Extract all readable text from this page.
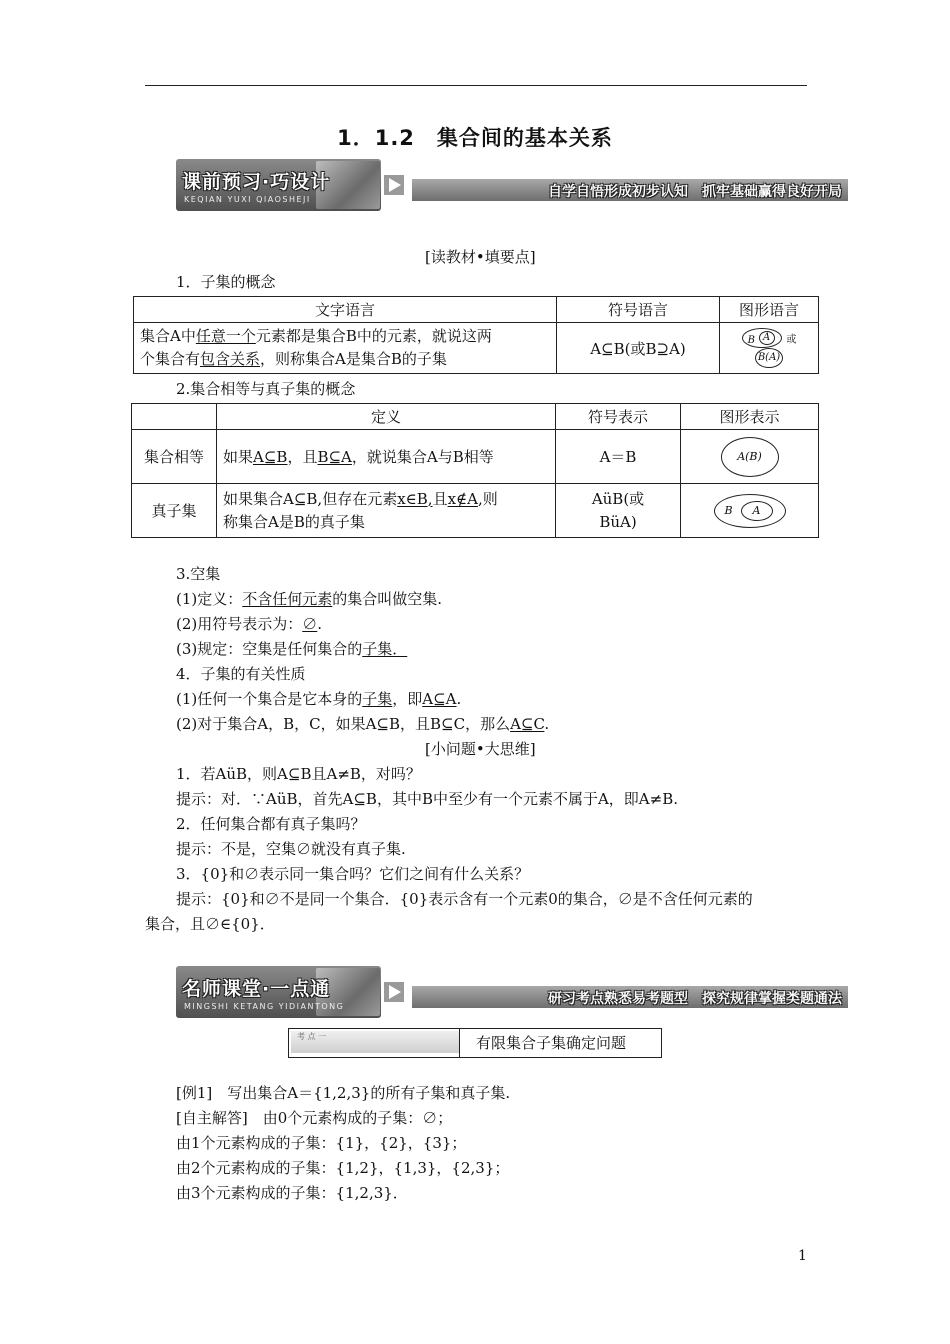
1．1.2　集合间的基本关系
课前预习·巧设计
KEQIAN YUXI QIAOSHEJI	自学自悟形成初步认知　抓牢基础赢得良好开局
[读教材•填要点]
1．子集的概念
文字语言	符号语言	图形语言
集合A中任意一个元素都是集合B中的元素，就说这两
个集合有包含关系，则称集合A是集合B的子集	A⊆B(或B⊇A)	B A 或 B(A)
2.集合相等与真子集的概念
	定义	符号表示	图形表示
集合相等	如果A⊆B，且B⊆A，就说集合A与B相等	A＝B	A(B)
真子集	如果集合A⊆B,但存在元素x∈B,且x∉A,则
称集合A是B的真子集	AüB(或
BüA)	B A
3.空集
(1)定义：不含任何元素的集合叫做空集.
(2)用符号表示为：∅.
(3)规定：空集是任何集合的子集．
4．子集的有关性质
(1)任何一个集合是它本身的子集，即A⊆A.
(2)对于集合A，B，C，如果A⊆B，且B⊆C，那么A⊆C.
[小问题•大思维]
1．若AüB，则A⊆B且A≠B，对吗？
提示：对．∵AüB，首先A⊆B，其中B中至少有一个元素不属于A，即A≠B.
2．任何集合都有真子集吗？
提示：不是，空集∅就没有真子集.
3．{0}和∅表示同一集合吗？它们之间有什么关系？
提示：{0}和∅不是同一个集合．{0}表示含有一个元素0的集合，∅是不含任何元素的
集合，且∅∈{0}．
名师课堂·一点通
MINGSHI KETANG YIDIANTONG	研习考点熟悉易考题型　探究规律掌握类题通法
考 点 一	有限集合子集确定问题
[例1]　写出集合A＝{1,2,3}的所有子集和真子集.
[自主解答]　由0个元素构成的子集：∅；
由1个元素构成的子集：{1}，{2}，{3}；
由2个元素构成的子集：{1,2}，{1,3}，{2,3}；
由3个元素构成的子集：{1,2,3}．
1
